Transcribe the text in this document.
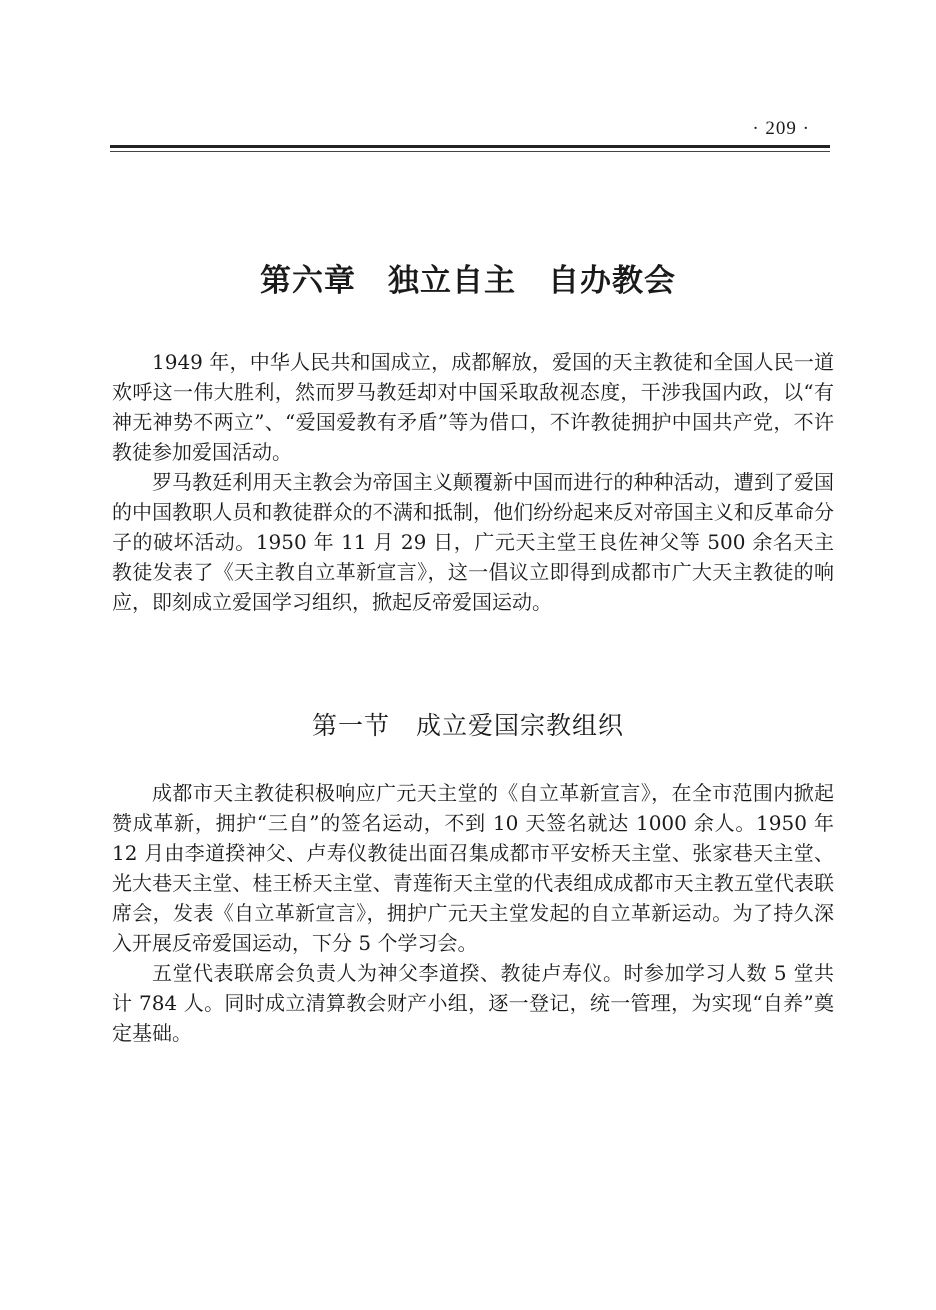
· 209 ·
第六章　独立自主　自办教会

1949 年，中华人民共和国成立，成都解放，爱国的天主教徒和全国人民一道欢呼这一伟大胜利，然而罗马教廷却对中国采取敌视态度，干涉我国内政，以“有神无神势不两立”、“爱国爱教有矛盾”等为借口，不许教徒拥护中国共产党，不许教徒参加爱国活动。

罗马教廷利用天主教会为帝国主义颠覆新中国而进行的种种活动，遭到了爱国的中国教职人员和教徒群众的不满和抵制，他们纷纷起来反对帝国主义和反革命分子的破坏活动。1950 年 11 月 29 日，广元天主堂王良佐神父等 500 余名天主教徒发表了《天主教自立革新宣言》，这一倡议立即得到成都市广大天主教徒的响应，即刻成立爱国学习组织，掀起反帝爱国运动。

第一节　成立爱国宗教组织

成都市天主教徒积极响应广元天主堂的《自立革新宣言》，在全市范围内掀起赞成革新，拥护“三自”的签名运动，不到 10 天签名就达 1000 余人。1950 年 12 月由李道揆神父、卢寿仪教徒出面召集成都市平安桥天主堂、张家巷天主堂、光大巷天主堂、桂王桥天主堂、青莲衔天主堂的代表组成成都市天主教五堂代表联席会，发表《自立革新宣言》，拥护广元天主堂发起的自立革新运动。为了持久深入开展反帝爱国运动，下分 5 个学习会。

五堂代表联席会负责人为神父李道揆、教徒卢寿仪。时参加学习人数 5 堂共计 784 人。同时成立清算教会财产小组，逐一登记，统一管理，为实现“自养”奠定基础。
